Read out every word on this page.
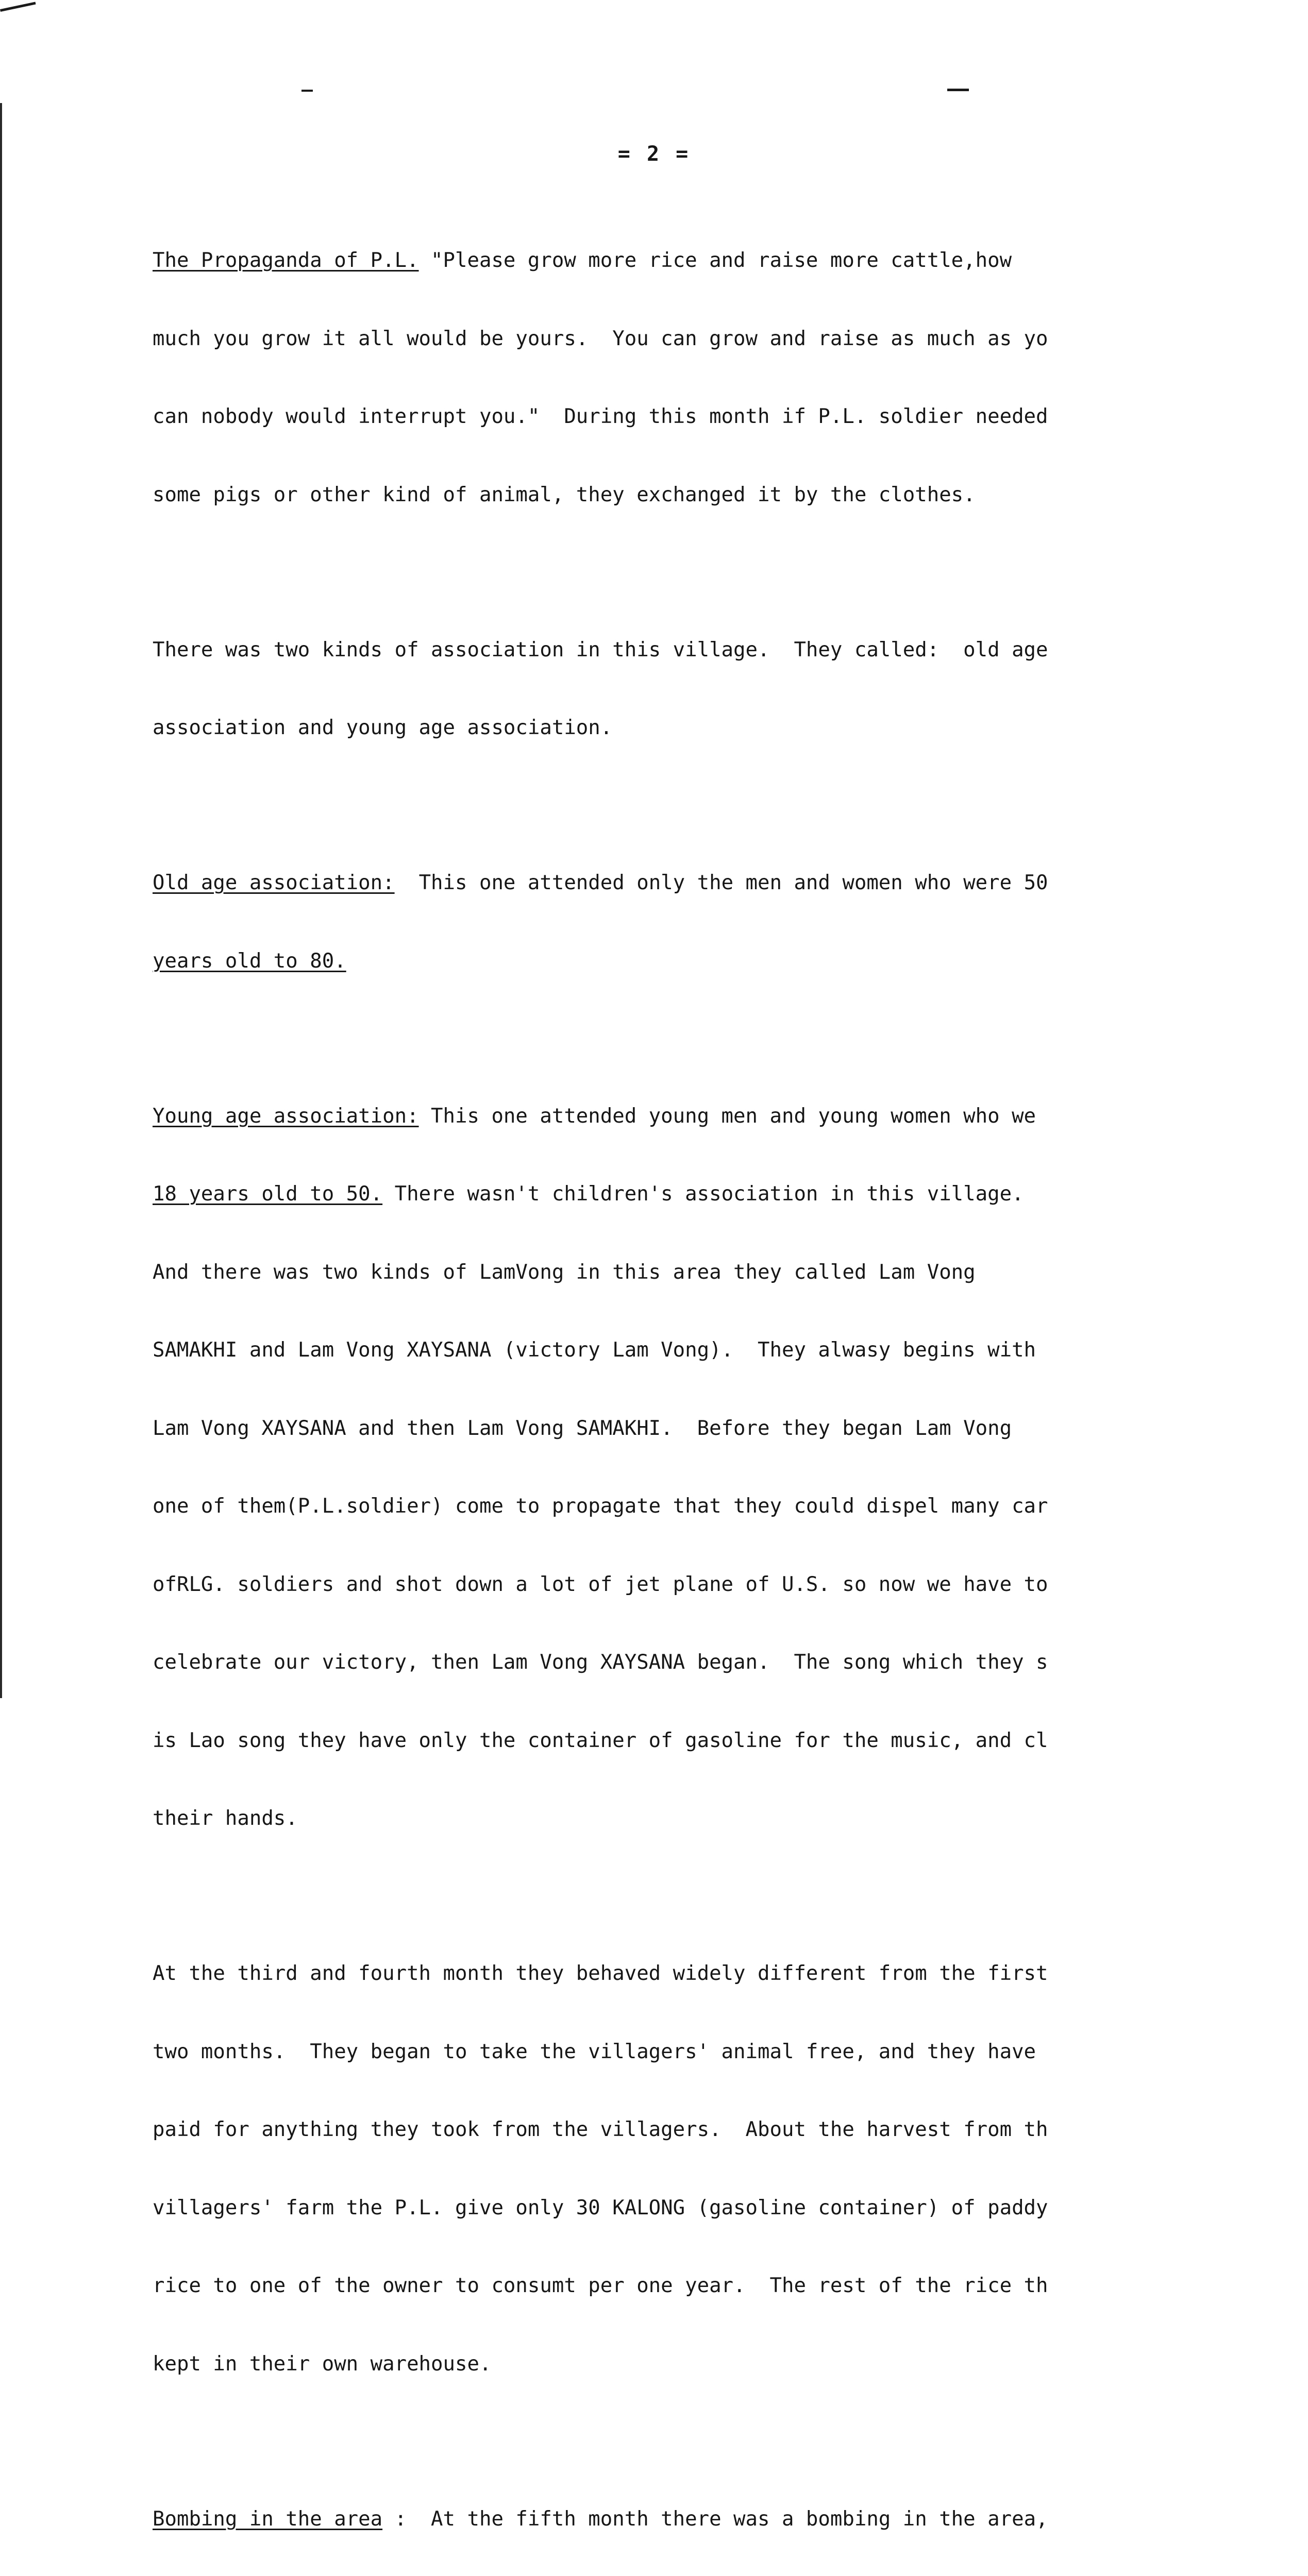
= 2 =

The Propaganda of P.L. "Please grow more rice and raise more cattle,how

much you grow it all would be yours.  You can grow and raise as much as yo

can nobody would interrupt you."  During this month if P.L. soldier needed

some pigs or other kind of animal, they exchanged it by the clothes.

There was two kinds of association in this village.  They called:  old age

association and young age association.

Old age association:  This one attended only the men and women who were 50

years old to 80.

Young age association: This one attended young men and young women who we

18 years old to 50. There wasn't children's association in this village.

And there was two kinds of LamVong in this area they called Lam Vong

SAMAKHI and Lam Vong XAYSANA (victory Lam Vong).  They alwasy begins with

Lam Vong XAYSANA and then Lam Vong SAMAKHI.  Before they began Lam Vong

one of them(P.L.soldier) come to propagate that they could dispel many car

ofRLG. soldiers and shot down a lot of jet plane of U.S. so now we have to

celebrate our victory, then Lam Vong XAYSANA began.  The song which they s

is Lao song they have only the container of gasoline for the music, and cl

their hands.

At the third and fourth month they behaved widely different from the first

two months.  They began to take the villagers' animal free, and they have

paid for anything they took from the villagers.  About the harvest from th

villagers' farm the P.L. give only 30 KALONG (gasoline container) of paddy

rice to one of the owner to consumt per one year.  The rest of the rice th

kept in their own warehouse.

Bombing in the area :  At the fifth month there was a bombing in the area,
